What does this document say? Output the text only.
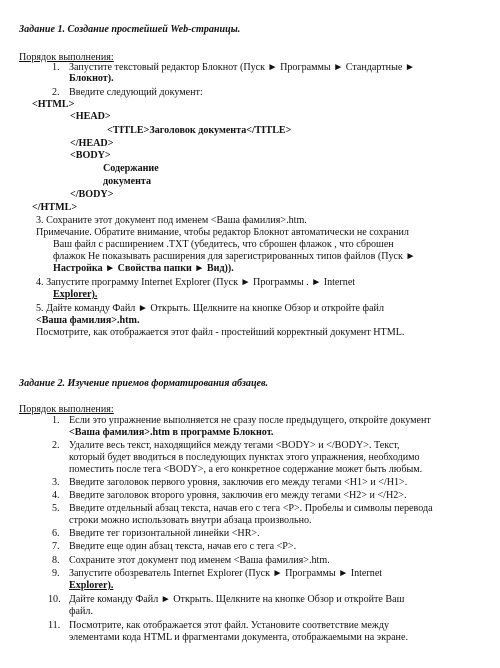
Задание 1. Создание простейшей Web-страницы.
Порядок выполнения:
1. Запустите текстовый редактор Блокнот (Пуск ► Программы ► Стандартные ►
Блокнот).
2. Введите следующий документ:
<HTML>
<HEAD>
<TITLE>Заголовок документа</TITLE>
</HEAD>
<BODY>
Содержание
документа
</BODY>
</HTML>
3. Сохраните этот документ под именем <Ваша фамилия>.htm.
Примечание. Обратите внимание, чтобы редактор Блокнот автоматически не сохранил
Ваш файл с расширением .TXT (убедитесь, что сброшен флажок , что сброшен
флажок Не показывать расширения для зарегистрированных типов файлов (Пуск ►
Настройка ► Свойства папки ► Вид)).
4. Запустите программу Internet Explorer (Пуск ► Программы . ► Internet
Explorer).
5. Дайте команду Файл ► Открыть. Щелкните на кнопке Обзор и откройте файл
<Ваша фамилия>.htm.
Посмотрите, как отображается этот файл - простейший корректный документ HTML.
Задание 2. Изучение приемов форматирования абзацев.
Порядок выполнения:
1. Если это упражнение выполняется не сразу после предыдущего, откройте документ
<Ваша фамилия>.htm в программе Блокнот.
2. Удалите весь текст, находящийся между тегами <BODY> и </BODY>. Текст,
который будет вводиться в последующих пунктах этого упражнения, необходимо
поместить после тега <BODY>, а его конкретное содержание может быть любым.
3. Введите заголовок первого уровня, заключив его между тегами <H1> и </H1>.
4. Введите заголовок второго уровня, заключив его между тегами <H2> и </H2>.
5. Введите отдельный абзац текста, начав его с тега <P>. Пробелы и символы перевода
строки можно использовать внутри абзаца произвольно.
6. Введите тег горизонтальной линейки <HR>.
7. Введите еще один абзац текста, начав его с тега <P>.
8. Сохраните этот документ под именем <Ваша фамилия>.htm.
9. Запустите обозреватель Internet Explorer (Пуск ► Программы ► Internet
Explorer).
10. Дайте команду Файл ► Открыть. Щелкните на кнопке Обзор и откройте Ваш
файл.
11. Посмотрите, как отображается этот файл. Установите соответствие между
элементами кода HTML и фрагментами документа, отображаемыми на экране.
